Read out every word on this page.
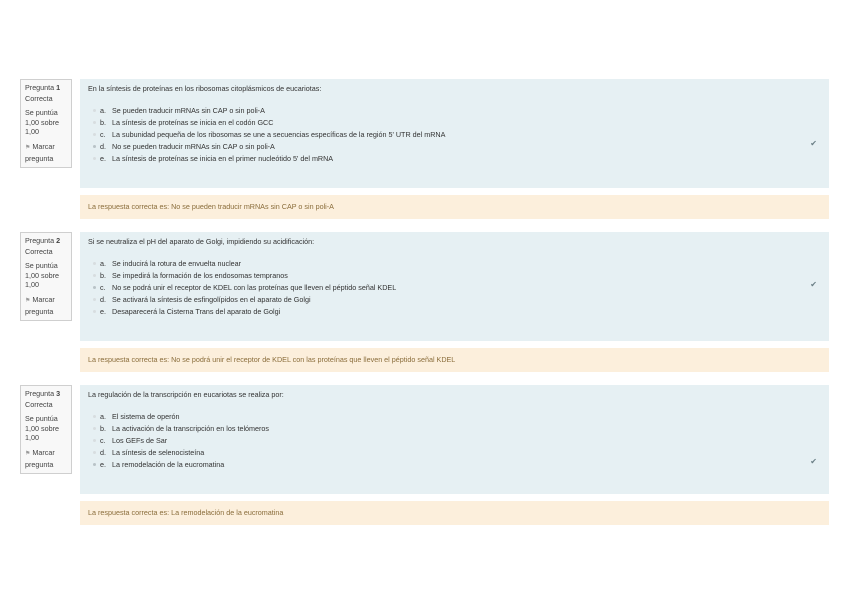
Pregunta 1
Correcta
Se puntúa 1,00 sobre 1,00
⚑ Marcar pregunta
En la síntesis de proteínas en los ribosomas citoplásmicos de eucariotas:
a. Se pueden traducir mRNAs sin CAP o sin poli-A
b. La síntesis de proteínas se inicia en el codón GCC
c. La subunidad pequeña de los ribosomas se une a secuencias específicas de la región 5' UTR del mRNA
d. No se pueden traducir mRNAs sin CAP o sin poli-A
e. La síntesis de proteínas se inicia en el primer nucleótido 5' del mRNA
✔
La respuesta correcta es: No se pueden traducir mRNAs sin CAP o sin poli-A
Pregunta 2
Correcta
Se puntúa 1,00 sobre 1,00
⚑ Marcar pregunta
Si se neutraliza el pH del aparato de Golgi, impidiendo su acidificación:
a. Se inducirá la rotura de envuelta nuclear
b. Se impedirá la formación de los endosomas tempranos
c. No se podrá unir el receptor de KDEL con las proteínas que lleven el péptido señal KDEL
d. Se activará la síntesis de esfingolípidos en el aparato de Golgi
e. Desaparecerá la Cisterna Trans del aparato de Golgi
✔
La respuesta correcta es: No se podrá unir el receptor de KDEL con las proteínas que lleven el péptido señal KDEL
Pregunta 3
Correcta
Se puntúa 1,00 sobre 1,00
⚑ Marcar pregunta
La regulación de la transcripción en eucariotas se realiza por:
a. El sistema de operón
b. La activación de la transcripción en los telómeros
c. Los GEFs de Sar
d. La síntesis de selenocisteína
e. La remodelación de la eucromatina	✔
La respuesta correcta es: La remodelación de la eucromatina
